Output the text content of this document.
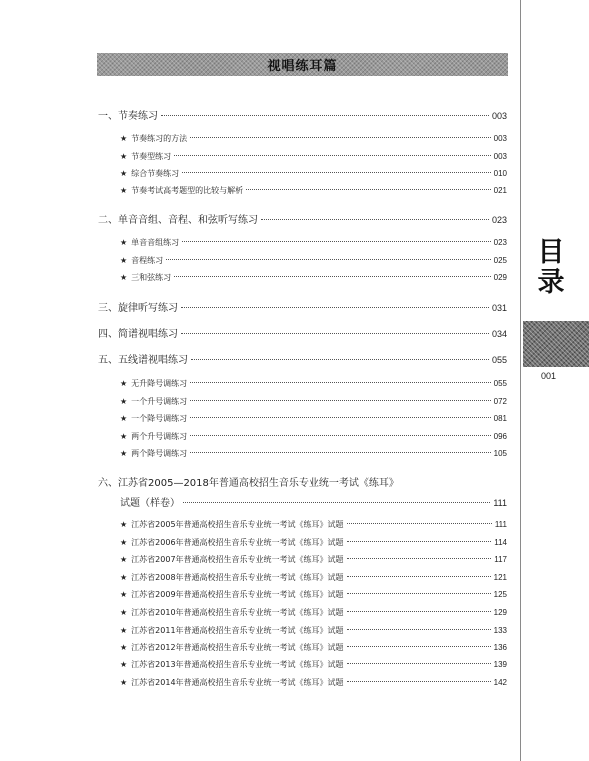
视唱练耳篇
一、节奏练习	003
★ 节奏练习的方法	003
★ 节奏型练习	003
★ 综合节奏练习	010
★ 节奏考试高考题型的比较与解析	021
二、单音音组、音程、和弦听写练习	023
★ 单音音组练习	023
★ 音程练习	025
★ 三和弦练习	029
三、旋律听写练习	031
四、简谱视唱练习	034
五、五线谱视唱练习	055
★ 无升降号调练习	055
★ 一个升号调练习	072
★ 一个降号调练习	081
★ 两个升号调练习	096
★ 两个降号调练习	105
六、江苏省2005—2018年普通高校招生音乐专业统一考试《练耳》
试题（样卷）	111
★ 江苏省2005年普通高校招生音乐专业统一考试《练耳》试题	111
★ 江苏省2006年普通高校招生音乐专业统一考试《练耳》试题	114
★ 江苏省2007年普通高校招生音乐专业统一考试《练耳》试题	117
★ 江苏省2008年普通高校招生音乐专业统一考试《练耳》试题	121
★ 江苏省2009年普通高校招生音乐专业统一考试《练耳》试题	125
★ 江苏省2010年普通高校招生音乐专业统一考试《练耳》试题	129
★ 江苏省2011年普通高校招生音乐专业统一考试《练耳》试题	133
★ 江苏省2012年普通高校招生音乐专业统一考试《练耳》试题	136
★ 江苏省2013年普通高校招生音乐专业统一考试《练耳》试题	139
★ 江苏省2014年普通高校招生音乐专业统一考试《练耳》试题	142
目
录
001
